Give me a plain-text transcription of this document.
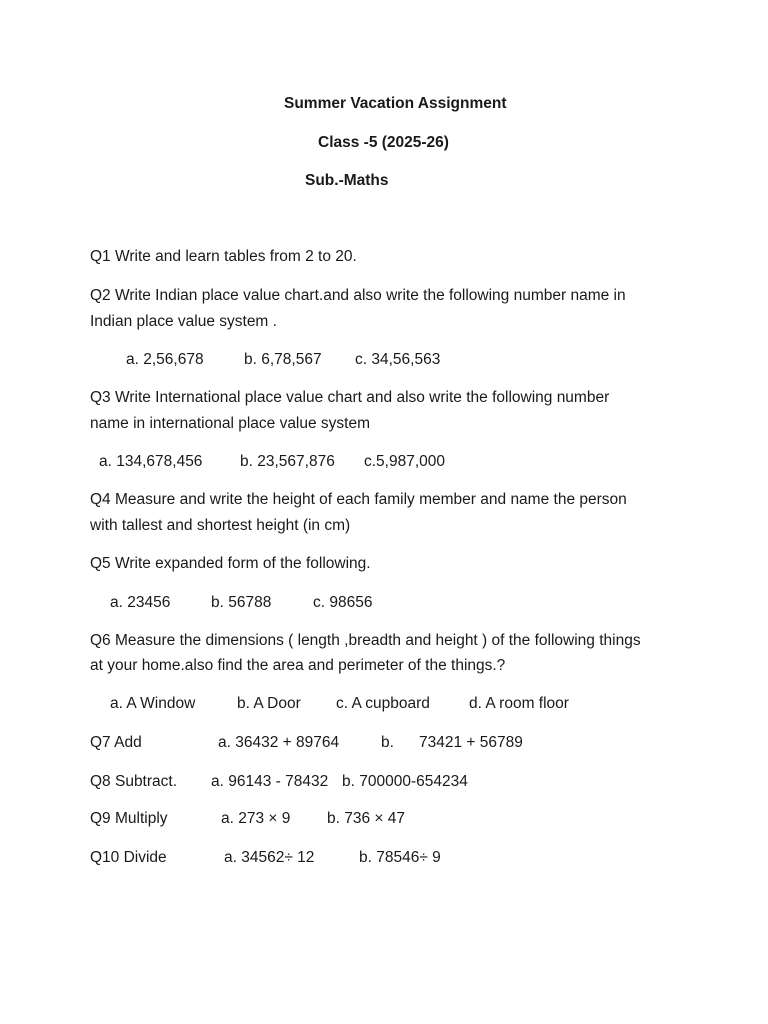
Summer Vacation Assignment
Class -5 (2025-26)
Sub.-Maths
Q1 Write and learn tables from 2 to 20.
Q2 Write Indian place value chart.and also write the following number name in
Indian place value system .
a. 2,56,678	b. 6,78,567 c. 34,56,563
Q3 Write International place value chart and also write the following number
name in international place value system
a. 134,678,456 b. 23,567,876 c.5,987,000
Q4 Measure and write the height of each family member and name the person
with tallest and shortest height (in cm)
Q5 Write expanded form of the following.
a. 23456	b. 56788	c. 98656
Q6 Measure the dimensions ( length ,breadth and height ) of the following things
at your home.also find the area and perimeter of the things.?
a. A Window	b. A Door c. A cupboard	d. A room floor
Q7 Add	a. 36432 + 89764	b. 73421 + 56789
Q8 Subtract. a. 96143 - 78432 b. 700000-654234
Q9 Multiply	a. 273 × 9 b. 736 × 47
Q10 Divide	a. 34562÷ 12	b. 78546÷ 9
